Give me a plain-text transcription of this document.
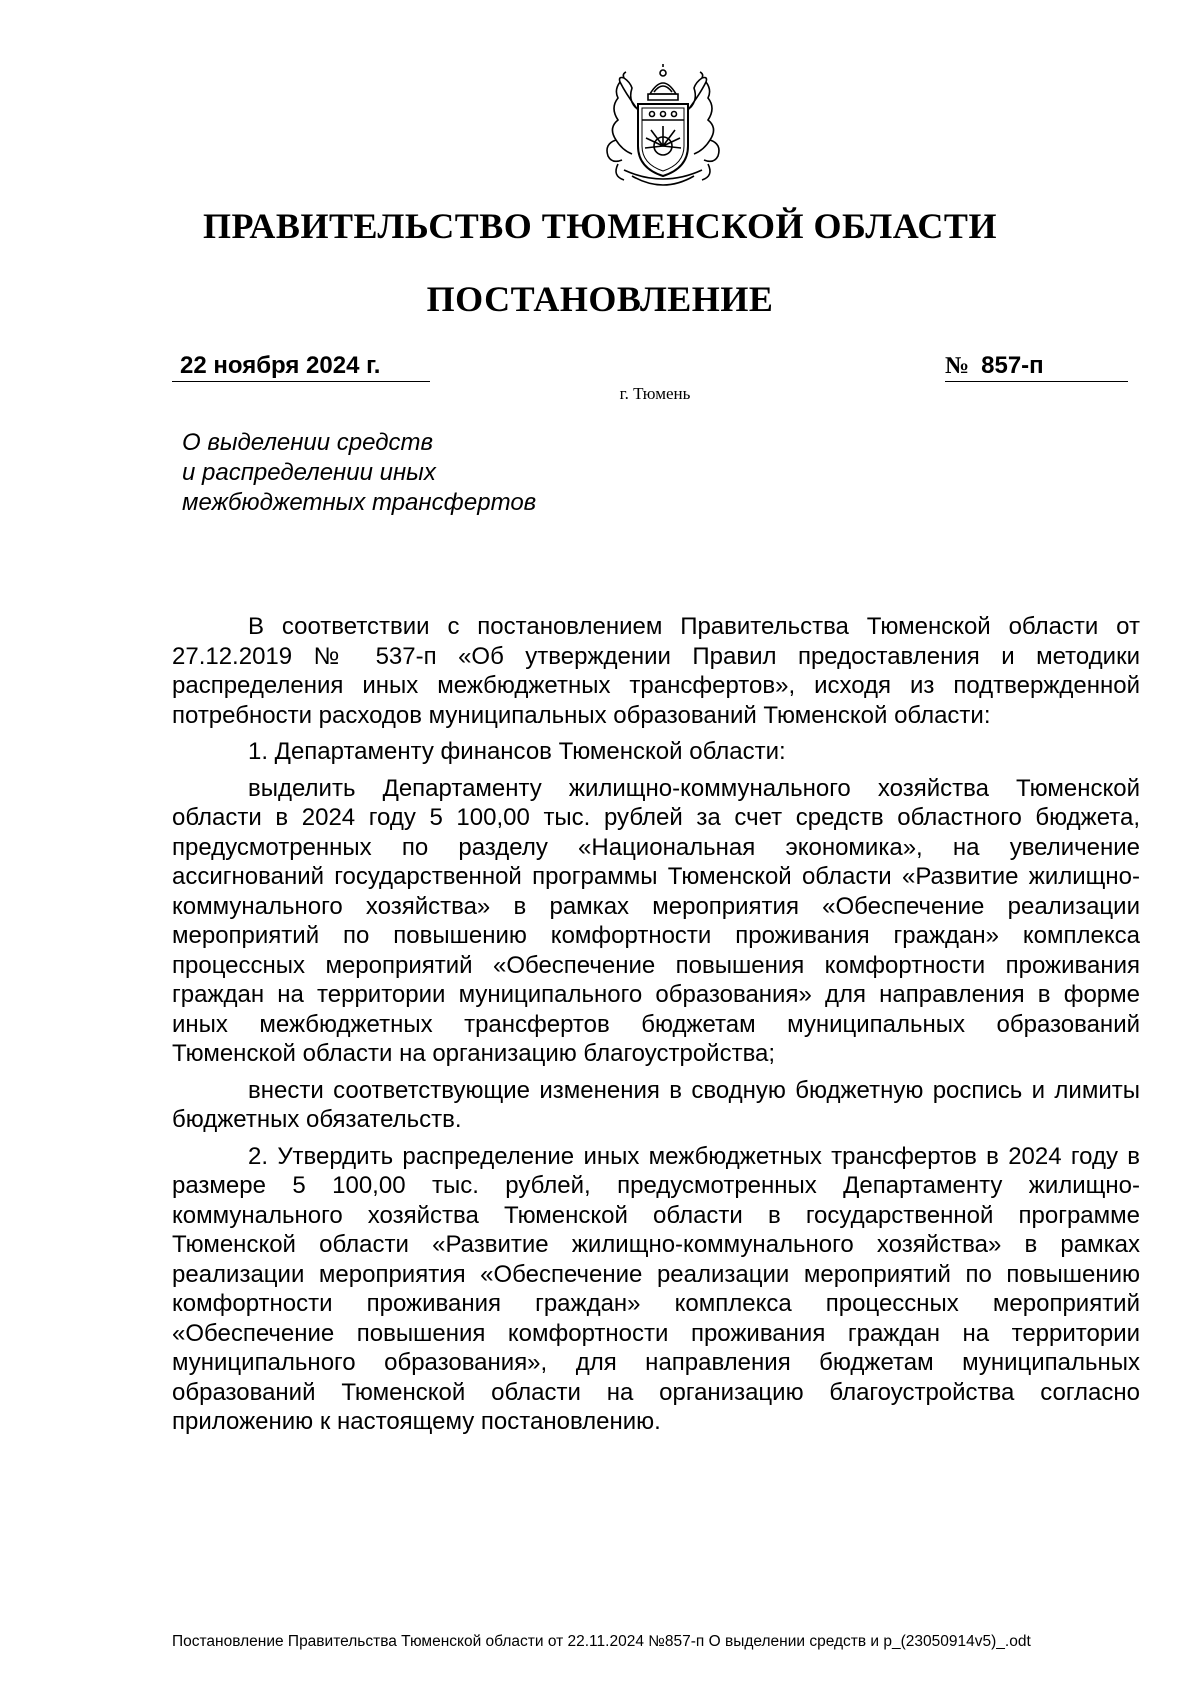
ПРАВИТЕЛЬСТВО ТЮМЕНСКОЙ ОБЛАСТИ
ПОСТАНОВЛЕНИЕ
22 ноября 2024 г.	№ 857-п
г. Тюмень
О выделении средств
и распределении иных
межбюджетных трансфертов

В соответствии с постановлением Правительства Тюменской области от 27.12.2019 № 537-п «Об утверждении Правил предоставления и методики распределения иных межбюджетных трансфертов», исходя из подтвержденной потребности расходов муниципальных образований Тюменской области:

1. Департаменту финансов Тюменской области:

выделить Департаменту жилищно-коммунального хозяйства Тюменской области в 2024 году 5 100,00 тыс. рублей за счет средств областного бюджета, предусмотренных по разделу «Национальная экономика», на увеличение ассигнований государственной программы Тюменской области «Развитие жилищно-коммунального хозяйства» в рамках мероприятия «Обеспечение реализации мероприятий по повышению комфортности проживания граждан» комплекса процессных мероприятий «Обеспечение повышения комфортности проживания граждан на территории муниципального образования» для направления в форме иных межбюджетных трансфертов бюджетам муниципальных образований Тюменской области на организацию благоустройства;

внести соответствующие изменения в сводную бюджетную роспись и лимиты бюджетных обязательств.

2. Утвердить распределение иных межбюджетных трансфертов в 2024 году в размере 5 100,00 тыс. рублей, предусмотренных Департаменту жилищно-коммунального хозяйства Тюменской области в государственной программе Тюменской области «Развитие жилищно-коммунального хозяйства» в рамках реализации мероприятия «Обеспечение реализации мероприятий по повышению комфортности проживания граждан» комплекса процессных мероприятий «Обеспечение повышения комфортности проживания граждан на территории муниципального образования», для направления бюджетам муниципальных образований Тюменской области на организацию благоустройства согласно приложению к настоящему постановлению.

Постановление Правительства Тюменской области от 22.11.2024 №857-п О выделении средств и р_(23050914v5)_.odt
